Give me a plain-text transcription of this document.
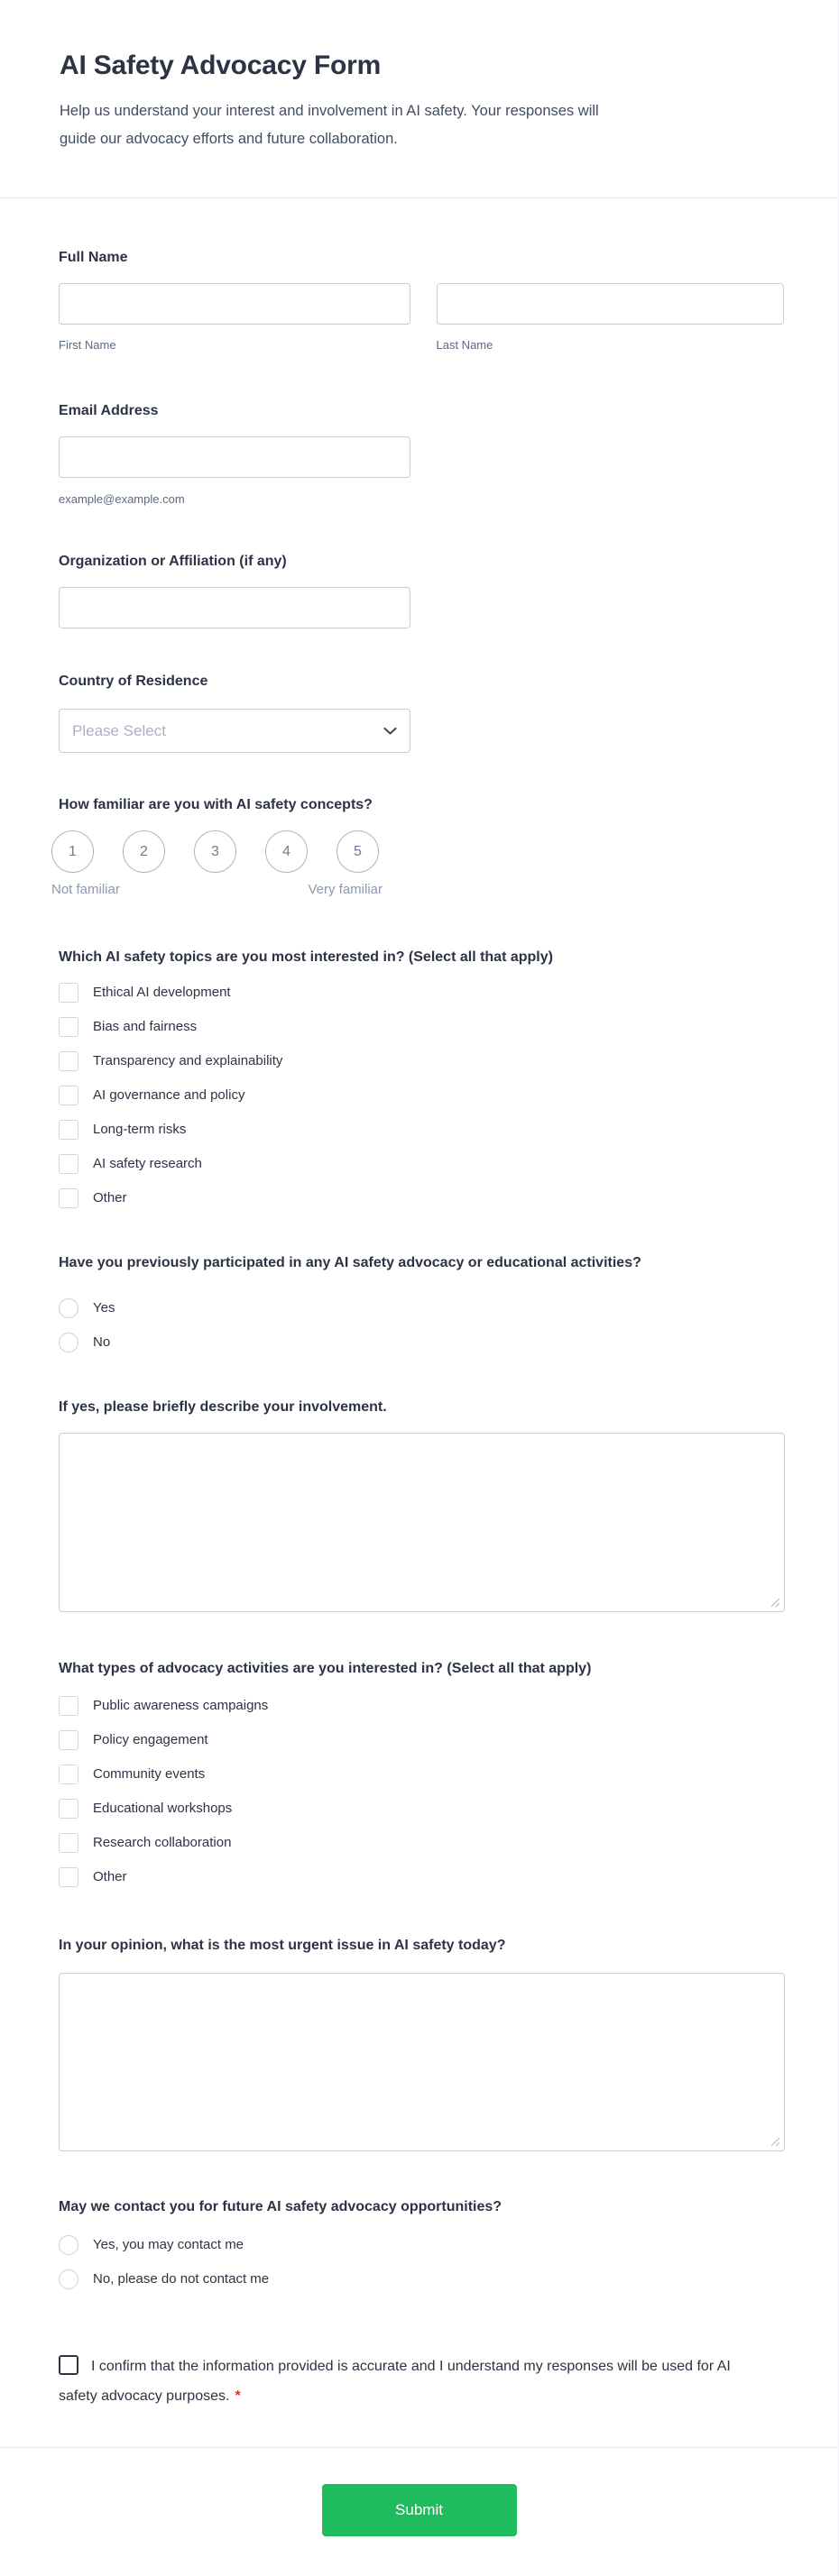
AI Safety Advocacy Form

Help us understand your interest and involvement in AI safety. Your responses will
guide our advocacy efforts and future collaboration.

Full Name
First Name	Last Name
Email Address
example@example.com
Organization or Affiliation (if any)
Country of Residence
Please Select
How familiar are you with AI safety concepts?
1	2	3	4	5
Not familiar	Very familiar
Which AI safety topics are you most interested in? (Select all that apply)
Ethical AI development
Bias and fairness
Transparency and explainability
AI governance and policy
Long-term risks
AI safety research
Other
Have you previously participated in any AI safety advocacy or educational activities?
Yes
No
If yes, please briefly describe your involvement.
What types of advocacy activities are you interested in? (Select all that apply)
Public awareness campaigns
Policy engagement
Community events
Educational workshops
Research collaboration
Other
In your opinion, what is the most urgent issue in AI safety today?
May we contact you for future AI safety advocacy opportunities?
Yes, you may contact me
No, please do not contact me
I confirm that the information provided is accurate and I understand my responses will be used for AI safety advocacy purposes. *
Submit
